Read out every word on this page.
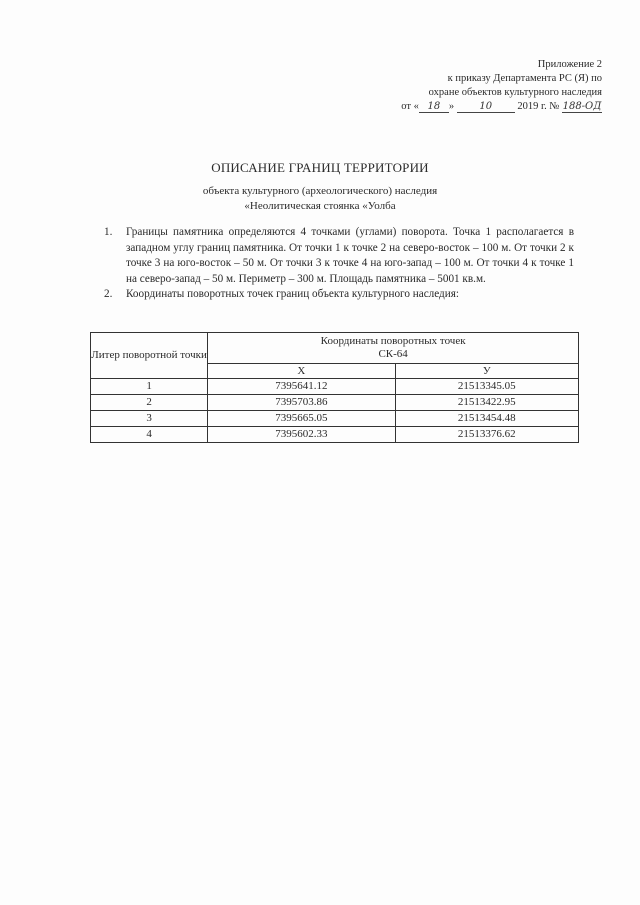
Приложение 2
к приказу Департамента РС (Я) по
охране объектов культурного наследия
от « 18 »	10 2019 г. № 188-ОД
ОПИСАНИЕ ГРАНИЦ ТЕРРИТОРИИ
объекта культурного (археологического) наследия
«Неолитическая стоянка «Уолба
1. Границы памятника определяются 4 точками (углами) поворота. Точка 1 располагается в западном углу границ памятника. От точки 1 к точке 2 на северо-восток – 100 м. От точки 2 к точке 3 на юго-восток – 50 м. От точки 3 к точке 4 на юго-запад – 100 м. От точки 4 к точке 1 на северо-запад – 50 м. Периметр – 300 м. Площадь памятника – 5001 кв.м.
2. Координаты поворотных точек границ объекта культурного наследия:
Литер поворотной точки	Координаты поворотных точек
СК-64	
	X	У
1	7395641.12	21513345.05
2	7395703.86	21513422.95
3	7395665.05	21513454.48
4	7395602.33	21513376.62
